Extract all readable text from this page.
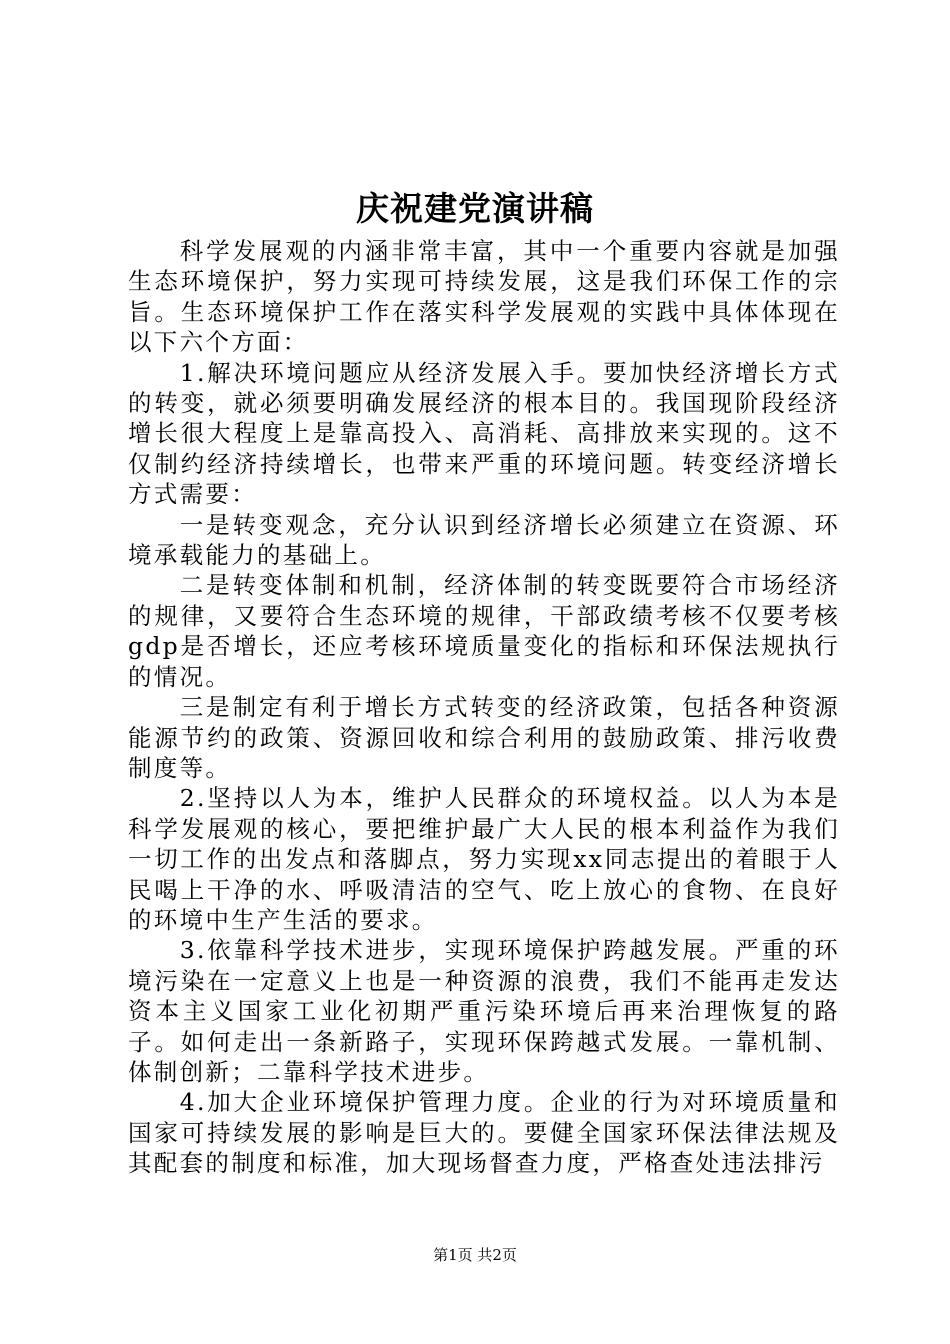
庆祝建党演讲稿

科学发展观的内涵非常丰富，其中一个重要内容就是加强生态环境保护，努力实现可持续发展，这是我们环保工作的宗旨。生态环境保护工作在落实科学发展观的实践中具体体现在以下六个方面：

1.解决环境问题应从经济发展入手。要加快经济增长方式的转变，就必须要明确发展经济的根本目的。我国现阶段经济增长很大程度上是靠高投入、高消耗、高排放来实现的。这不仅制约经济持续增长，也带来严重的环境问题。转变经济增长方式需要：

一是转变观念，充分认识到经济增长必须建立在资源、环境承载能力的基础上。

二是转变体制和机制，经济体制的转变既要符合市场经济的规律，又要符合生态环境的规律，干部政绩考核不仅要考核gdp是否增长，还应考核环境质量变化的指标和环保法规执行的情况。

三是制定有利于增长方式转变的经济政策，包括各种资源能源节约的政策、资源回收和综合利用的鼓励政策、排污收费制度等。

2.坚持以人为本，维护人民群众的环境权益。以人为本是科学发展观的核心，要把维护最广大人民的根本利益作为我们一切工作的出发点和落脚点，努力实现xx同志提出的着眼于人民喝上干净的水、呼吸清洁的空气、吃上放心的食物、在良好的环境中生产生活的要求。

3.依靠科学技术进步，实现环境保护跨越发展。严重的环境污染在一定意义上也是一种资源的浪费，我们不能再走发达资本主义国家工业化初期严重污染环境后再来治理恢复的路子。如何走出一条新路子，实现环保跨越式发展。一靠机制、体制创新；二靠科学技术进步。

4.加大企业环境保护管理力度。企业的行为对环境质量和国家可持续发展的影响是巨大的。要健全国家环保法律法规及其配套的制度和标准，加大现场督查力度，严格查处违法排污

第1页 共2页
